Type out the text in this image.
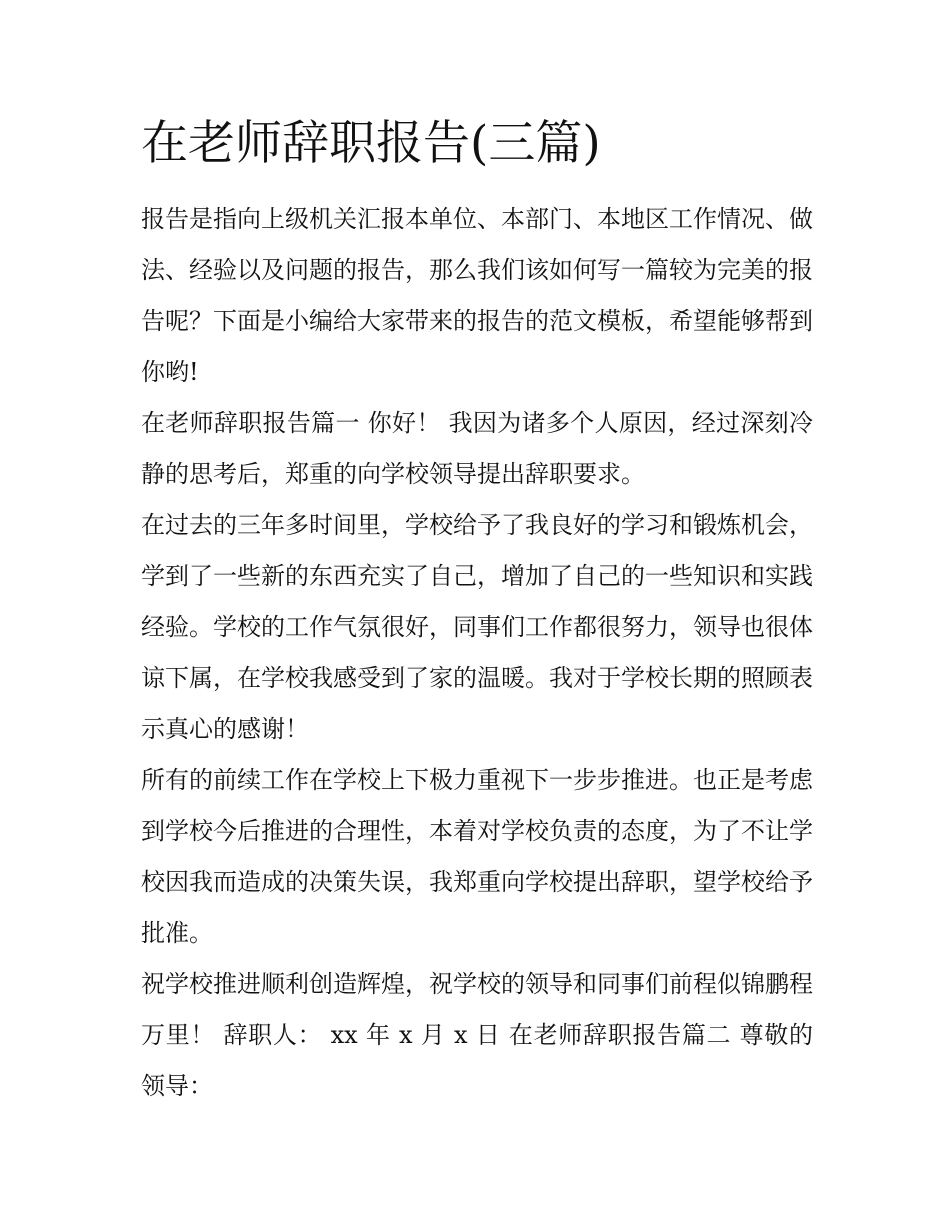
在老师辞职报告(三篇)

报告是指向上级机关汇报本单位、本部门、本地区工作情况、做法、经验以及问题的报告，那么我们该如何写一篇较为完美的报告呢？下面是小编给大家带来的报告的范文模板，希望能够帮到你哟!

在老师辞职报告篇一 你好！ 我因为诸多个人原因，经过深刻冷静的思考后，郑重的向学校领导提出辞职要求。

在过去的三年多时间里，学校给予了我良好的学习和锻炼机会，学到了一些新的东西充实了自己，增加了自己的一些知识和实践经验。学校的工作气氛很好，同事们工作都很努力，领导也很体谅下属，在学校我感受到了家的温暖。我对于学校长期的照顾表示真心的感谢！

所有的前续工作在学校上下极力重视下一步步推进。也正是考虑到学校今后推进的合理性，本着对学校负责的态度，为了不让学校因我而造成的决策失误，我郑重向学校提出辞职，望学校给予批准。

祝学校推进顺利创造辉煌，祝学校的领导和同事们前程似锦鹏程万里！ 辞职人： xx 年 x 月 x 日 在老师辞职报告篇二 尊敬的领导：
